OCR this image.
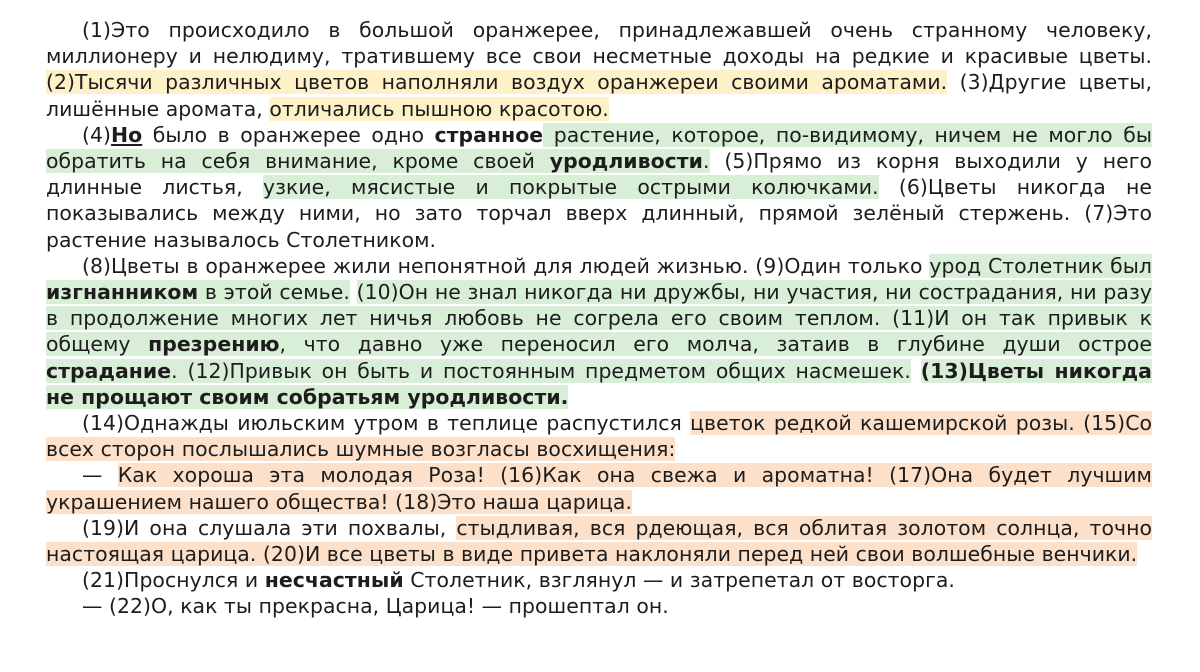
(1)Это происходило в большой оранжерее, принадлежавшей очень странному человеку, миллионеру и нелюдиму, тратившему все свои несметные доходы на редкие и красивые цветы. (2)Тысячи различных цветов наполняли воздух оранжереи своими ароматами. (3)Другие цветы, лишённые аромата, отличались пышною красотою.

(4)Но было в оранжерее одно странное растение, которое, по-видимому, ничем не могло бы обратить на себя внимание, кроме своей уродливости. (5)Прямо из корня выходили у него длинные листья, узкие, мясистые и покрытые острыми колючками. (6)Цветы никогда не показывались между ними, но зато торчал вверх длинный, прямой зелёный стержень. (7)Это растение называлось Столетником.

(8)Цветы в оранжерее жили непонятной для людей жизнью. (9)Один только урод Столетник был изгнанником в этой семье. (10)Он не знал никогда ни дружбы, ни участия, ни сострадания, ни разу в продолжение многих лет ничья любовь не согрела его своим теплом. (11)И он так привык к общему презрению, что давно уже переносил его молча, затаив в глубине души острое страдание. (12)Привык он быть и постоянным предметом общих насмешек. (13)Цветы никогда не прощают своим собратьям уродливости.

(14)Однажды июльским утром в теплице распустился цветок редкой кашемирской розы. (15)Со всех сторон послышались шумные возгласы восхищения:

— Как хороша эта молодая Роза! (16)Как она свежа и ароматна! (17)Она будет лучшим украшением нашего общества! (18)Это наша царица.

(19)И она слушала эти похвалы, стыдливая, вся рдеющая, вся облитая золотом солнца, точно настоящая царица. (20)И все цветы в виде привета наклоняли перед ней свои волшебные венчики.

(21)Проснулся и несчастный Столетник, взглянул — и затрепетал от восторга.

— (22)О, как ты прекрасна, Царица! — прошептал он.
